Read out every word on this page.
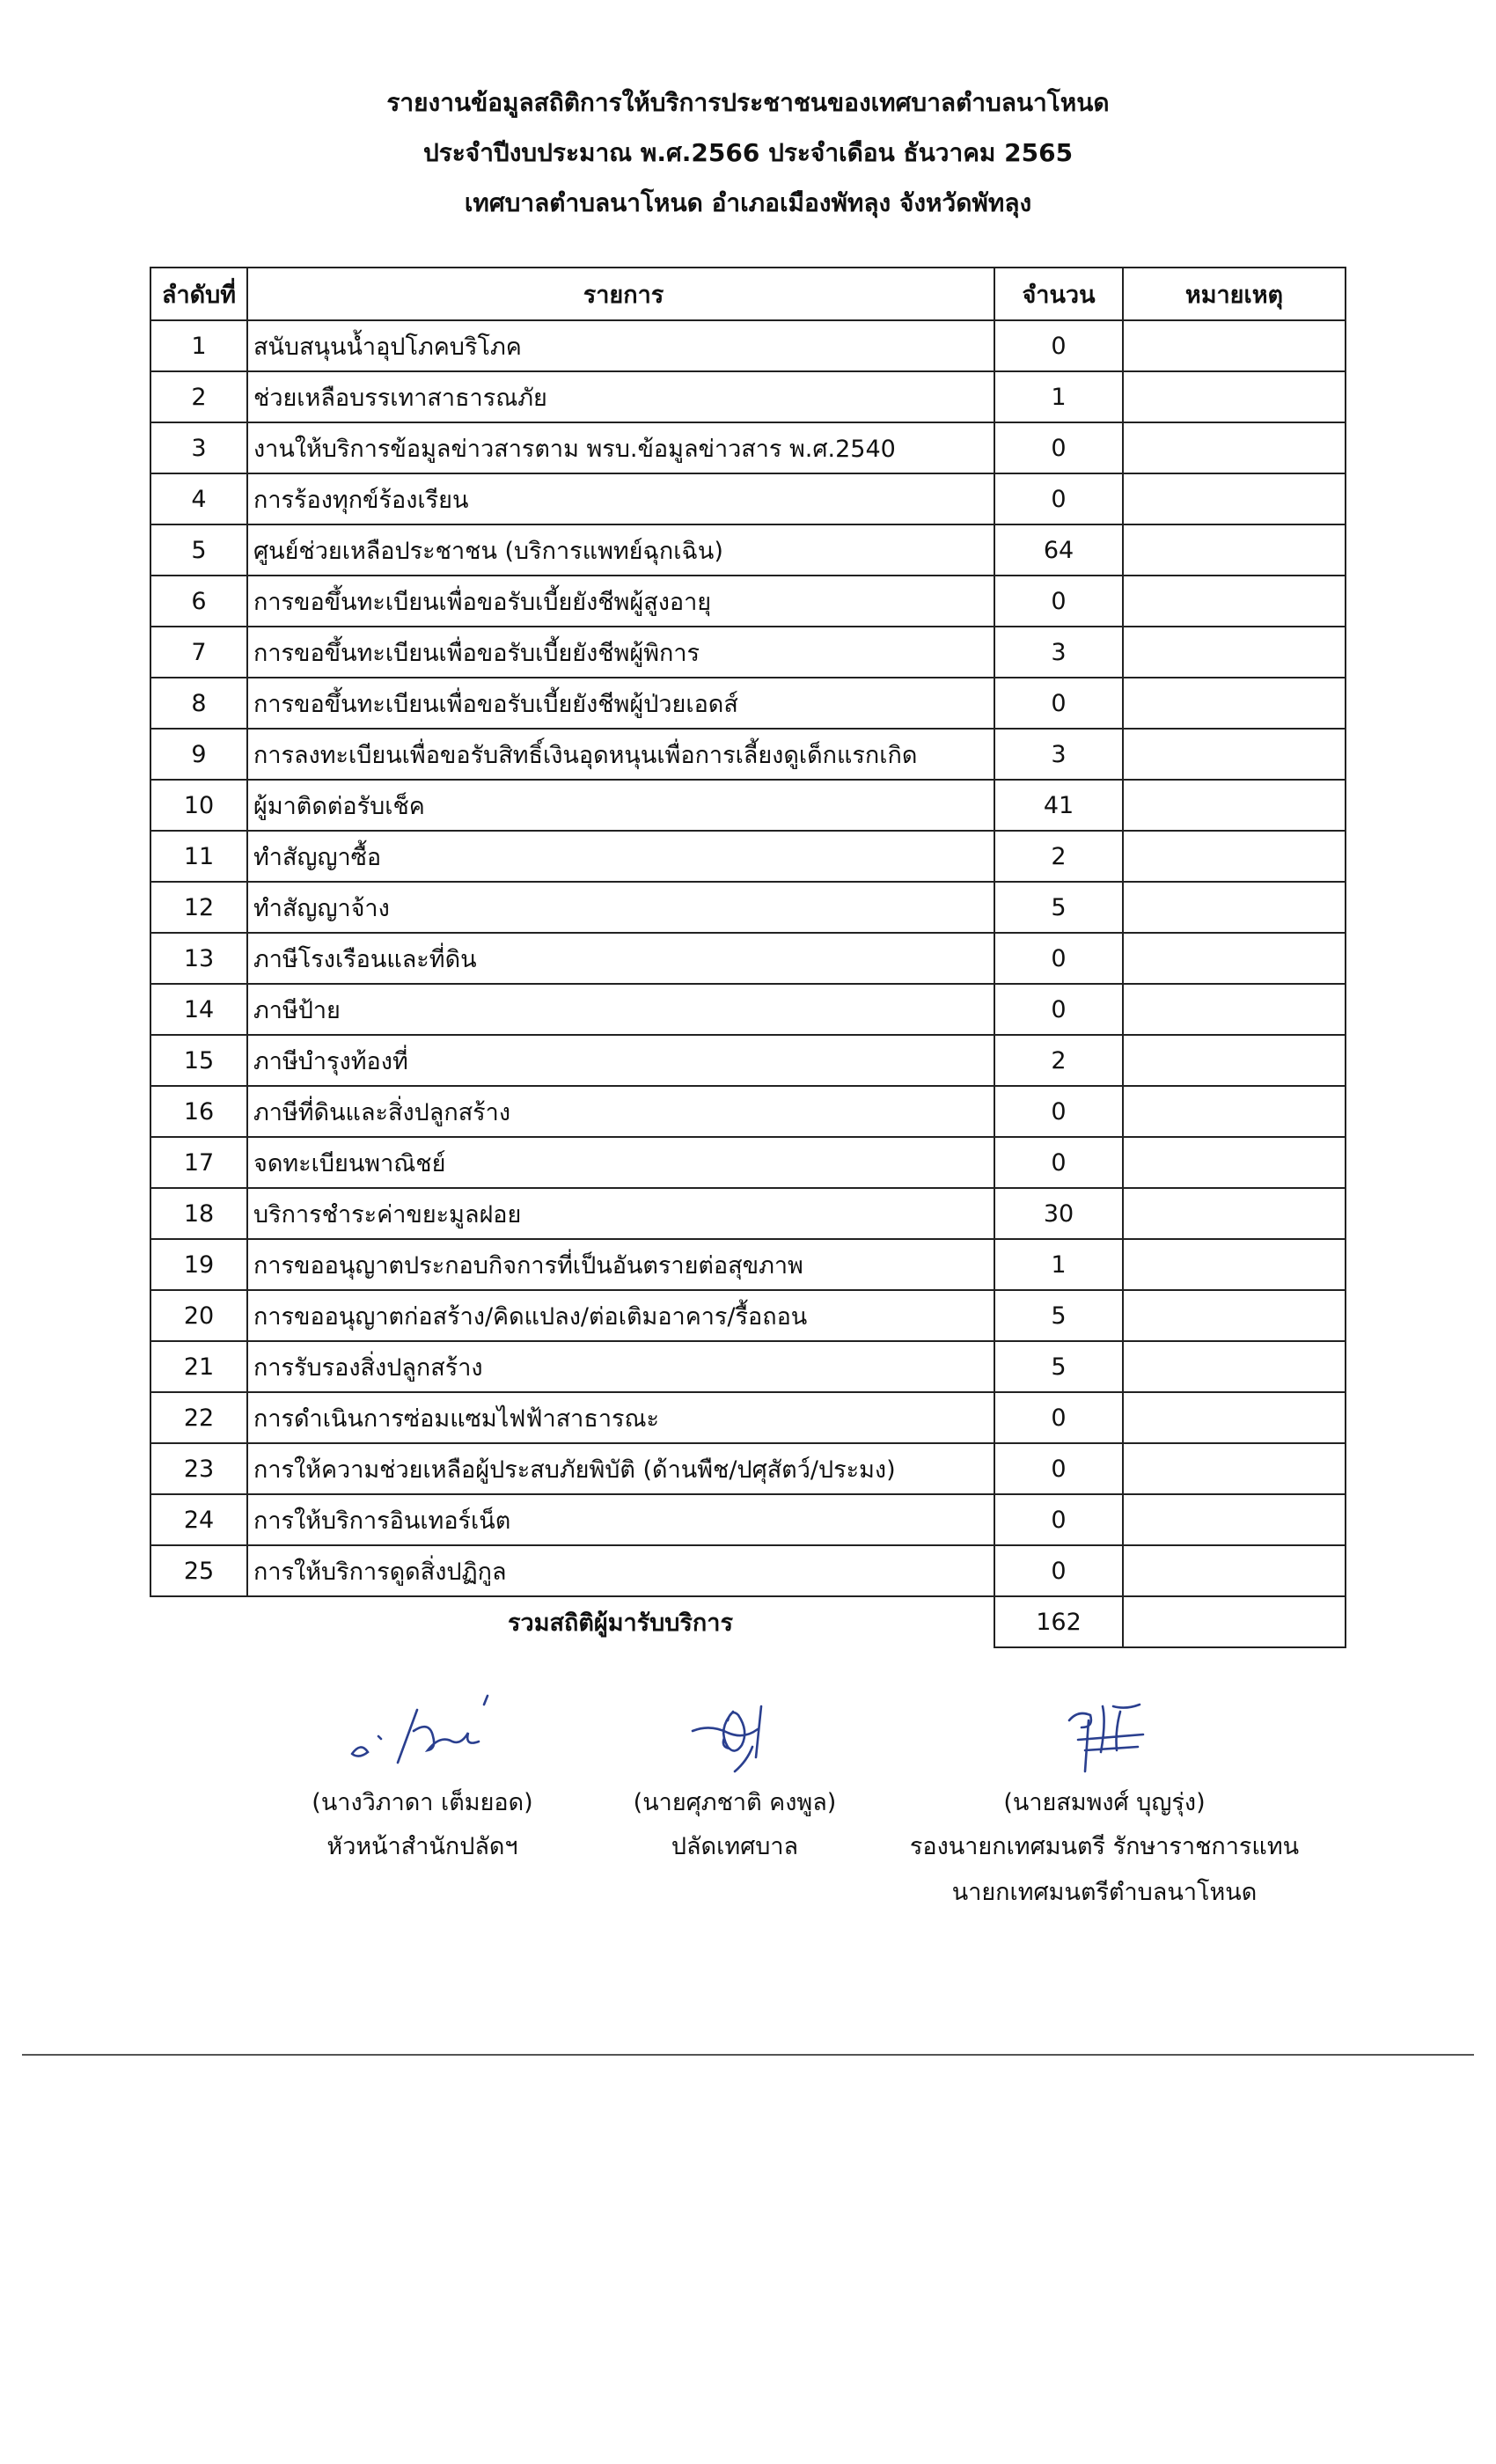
รายงานข้อมูลสถิติการให้บริการประชาชนของเทศบาลตำบลนาโหนด
ประจำปีงบประมาณ พ.ศ.2566 ประจำเดือน ธันวาคม 2565
เทศบาลตำบลนาโหนด อำเภอเมืองพัทลุง จังหวัดพัทลุง
ลำดับที่	รายการ	จำนวน	หมายเหตุ
1	สนับสนุนน้ำอุปโภคบริโภค	0	
2	ช่วยเหลือบรรเทาสาธารณภัย	1	
3	งานให้บริการข้อมูลข่าวสารตาม พรบ.ข้อมูลข่าวสาร พ.ศ.2540	0	
4	การร้องทุกข์ร้องเรียน	0	
5	ศูนย์ช่วยเหลือประชาชน (บริการแพทย์ฉุกเฉิน)	64	
6	การขอขึ้นทะเบียนเพื่อขอรับเบี้ยยังชีพผู้สูงอายุ	0	
7	การขอขึ้นทะเบียนเพื่อขอรับเบี้ยยังชีพผู้พิการ	3	
8	การขอขึ้นทะเบียนเพื่อขอรับเบี้ยยังชีพผู้ป่วยเอดส์	0	
9	การลงทะเบียนเพื่อขอรับสิทธิ์เงินอุดหนุนเพื่อการเลี้ยงดูเด็กแรกเกิด	3	
10	ผู้มาติดต่อรับเช็ค	41	
11	ทำสัญญาซื้อ	2	
12	ทำสัญญาจ้าง	5	
13	ภาษีโรงเรือนและที่ดิน	0	
14	ภาษีป้าย	0	
15	ภาษีบำรุงท้องที่	2	
16	ภาษีที่ดินและสิ่งปลูกสร้าง	0	
17	จดทะเบียนพาณิชย์	0	
18	บริการชำระค่าขยะมูลฝอย	30	
19	การขออนุญาตประกอบกิจการที่เป็นอันตรายต่อสุขภาพ	1	
20	การขออนุญาตก่อสร้าง/คิดแปลง/ต่อเติมอาคาร/รื้อถอน	5	
21	การรับรองสิ่งปลูกสร้าง	5	
22	การดำเนินการซ่อมแซมไฟฟ้าสาธารณะ	0	
23	การให้ความช่วยเหลือผู้ประสบภัยพิบัติ (ด้านพืช/ปศุสัตว์/ประมง)	0	
24	การให้บริการอินเทอร์เน็ต	0	
25	การให้บริการดูดสิ่งปฏิกูล	0	
	รวมสถิติผู้มารับบริการ	162	
(นางวิภาดา เต็มยอด)
หัวหน้าสำนักปลัดฯ
(นายศุภชาติ คงพูล)
ปลัดเทศบาล
(นายสมพงศ์ บุญรุ่ง)
รองนายกเทศมนตรี รักษาราชการแทน
นายกเทศมนตรีตำบลนาโหนด
